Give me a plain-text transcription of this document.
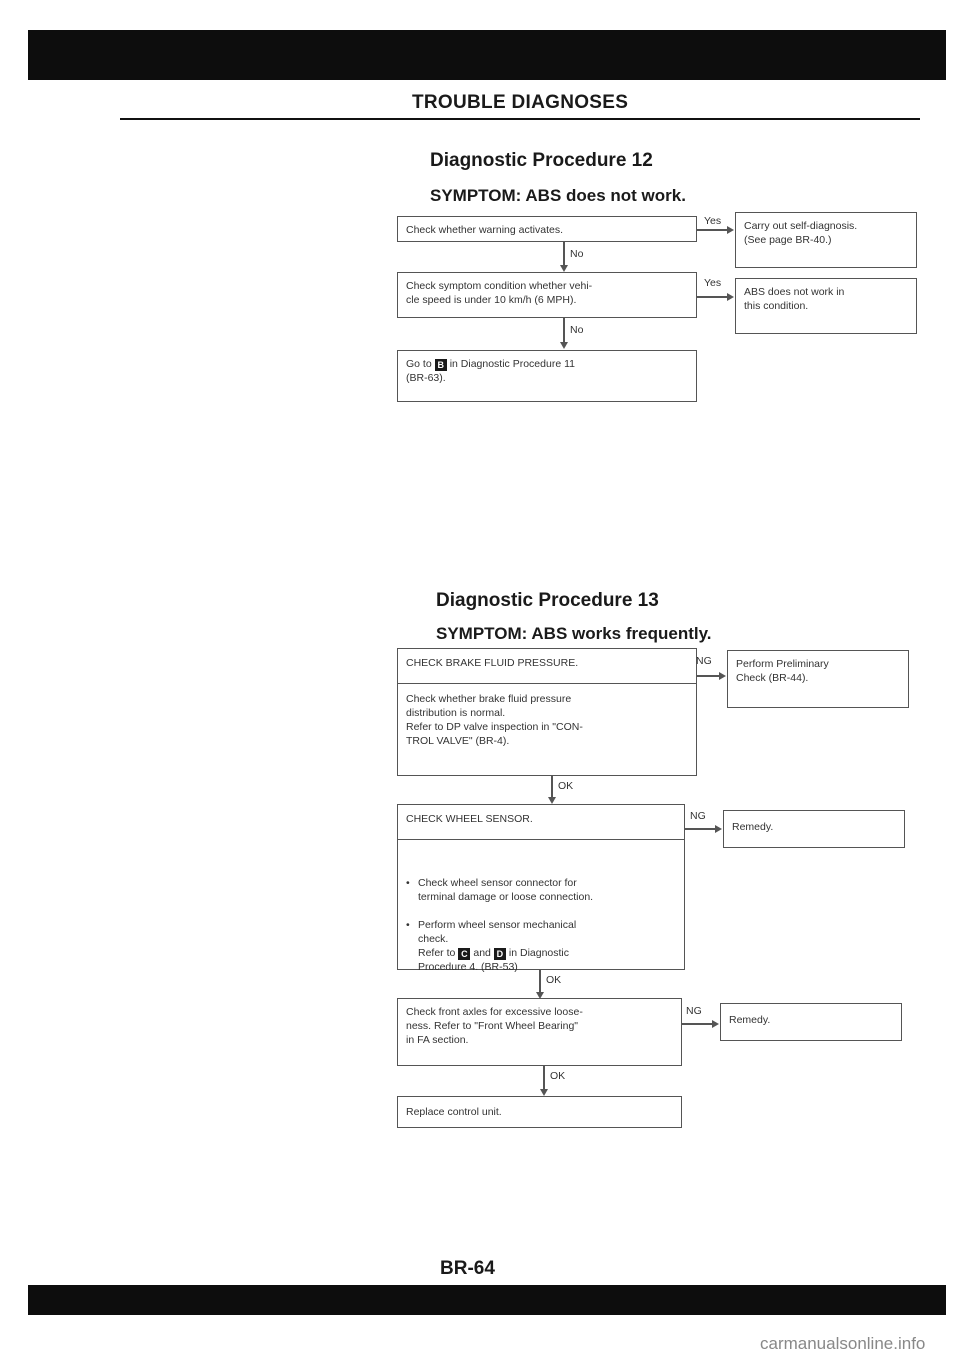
TROUBLE DIAGNOSES
Diagnostic Procedure 12
SYMPTOM: ABS does not work.
Check whether warning activates.
Yes Carry out self-diagnosis.
(See page BR-40.)
No
Check symptom condition whether vehi-
cle speed is under 10 km/h (6 MPH).
Yes
ABS does not work in
this condition.
No
Go to B in Diagnostic Procedure 11
(BR-63).
Diagnostic Procedure 13
SYMPTOM: ABS works frequently.
CHECK BRAKE FLUID PRESSURE.
Check whether brake fluid pressure
distribution is normal.
Refer to DP valve inspection in "CON-
TROL VALVE" (BR-4).
NG Perform Preliminary
Check (BR-44).
OK
CHECK WHEEL SENSOR.

• Check wheel sensor connector for
terminal damage or loose connection.

• Perform wheel sensor mechanical
check.
Refer to C and D in Diagnostic
Procedure 4. (BR-53)

NG
Remedy.
OK
Check front axles for excessive loose-
ness. Refer to "Front Wheel Bearing"
in FA section.
NG
Remedy.
OK
Replace control unit.
BR-64
carmanualsonline.info
